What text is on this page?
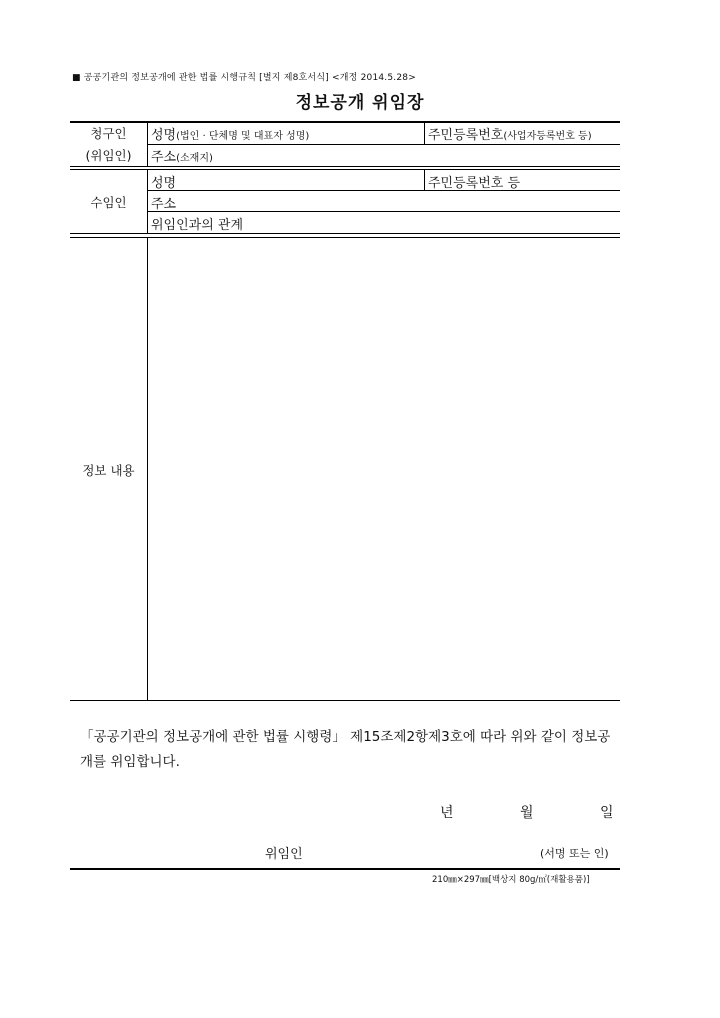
■ 공공기관의 정보공개에 관한 법률 시행규칙 [별지 제8호서식] <개정 2014.5.28>
정보공개 위임장
청구인
(위임인)
성명(법인 · 단체명 및 대표자 성명)	주민등록번호(사업자등록번호 등)
주소(소재지)
수임인
성명	주민등록번호 등
주소
위임인과의 관계
정보 내용
「공공기관의 정보공개에 관한 법률 시행령」 제15조제2항제3호에 따라 위와 같이 정보공개를 위임합니다.
년	월	일
위임인	(서명 또는 인)
210㎜×297㎜[백상지 80g/㎡(재활용품)]
